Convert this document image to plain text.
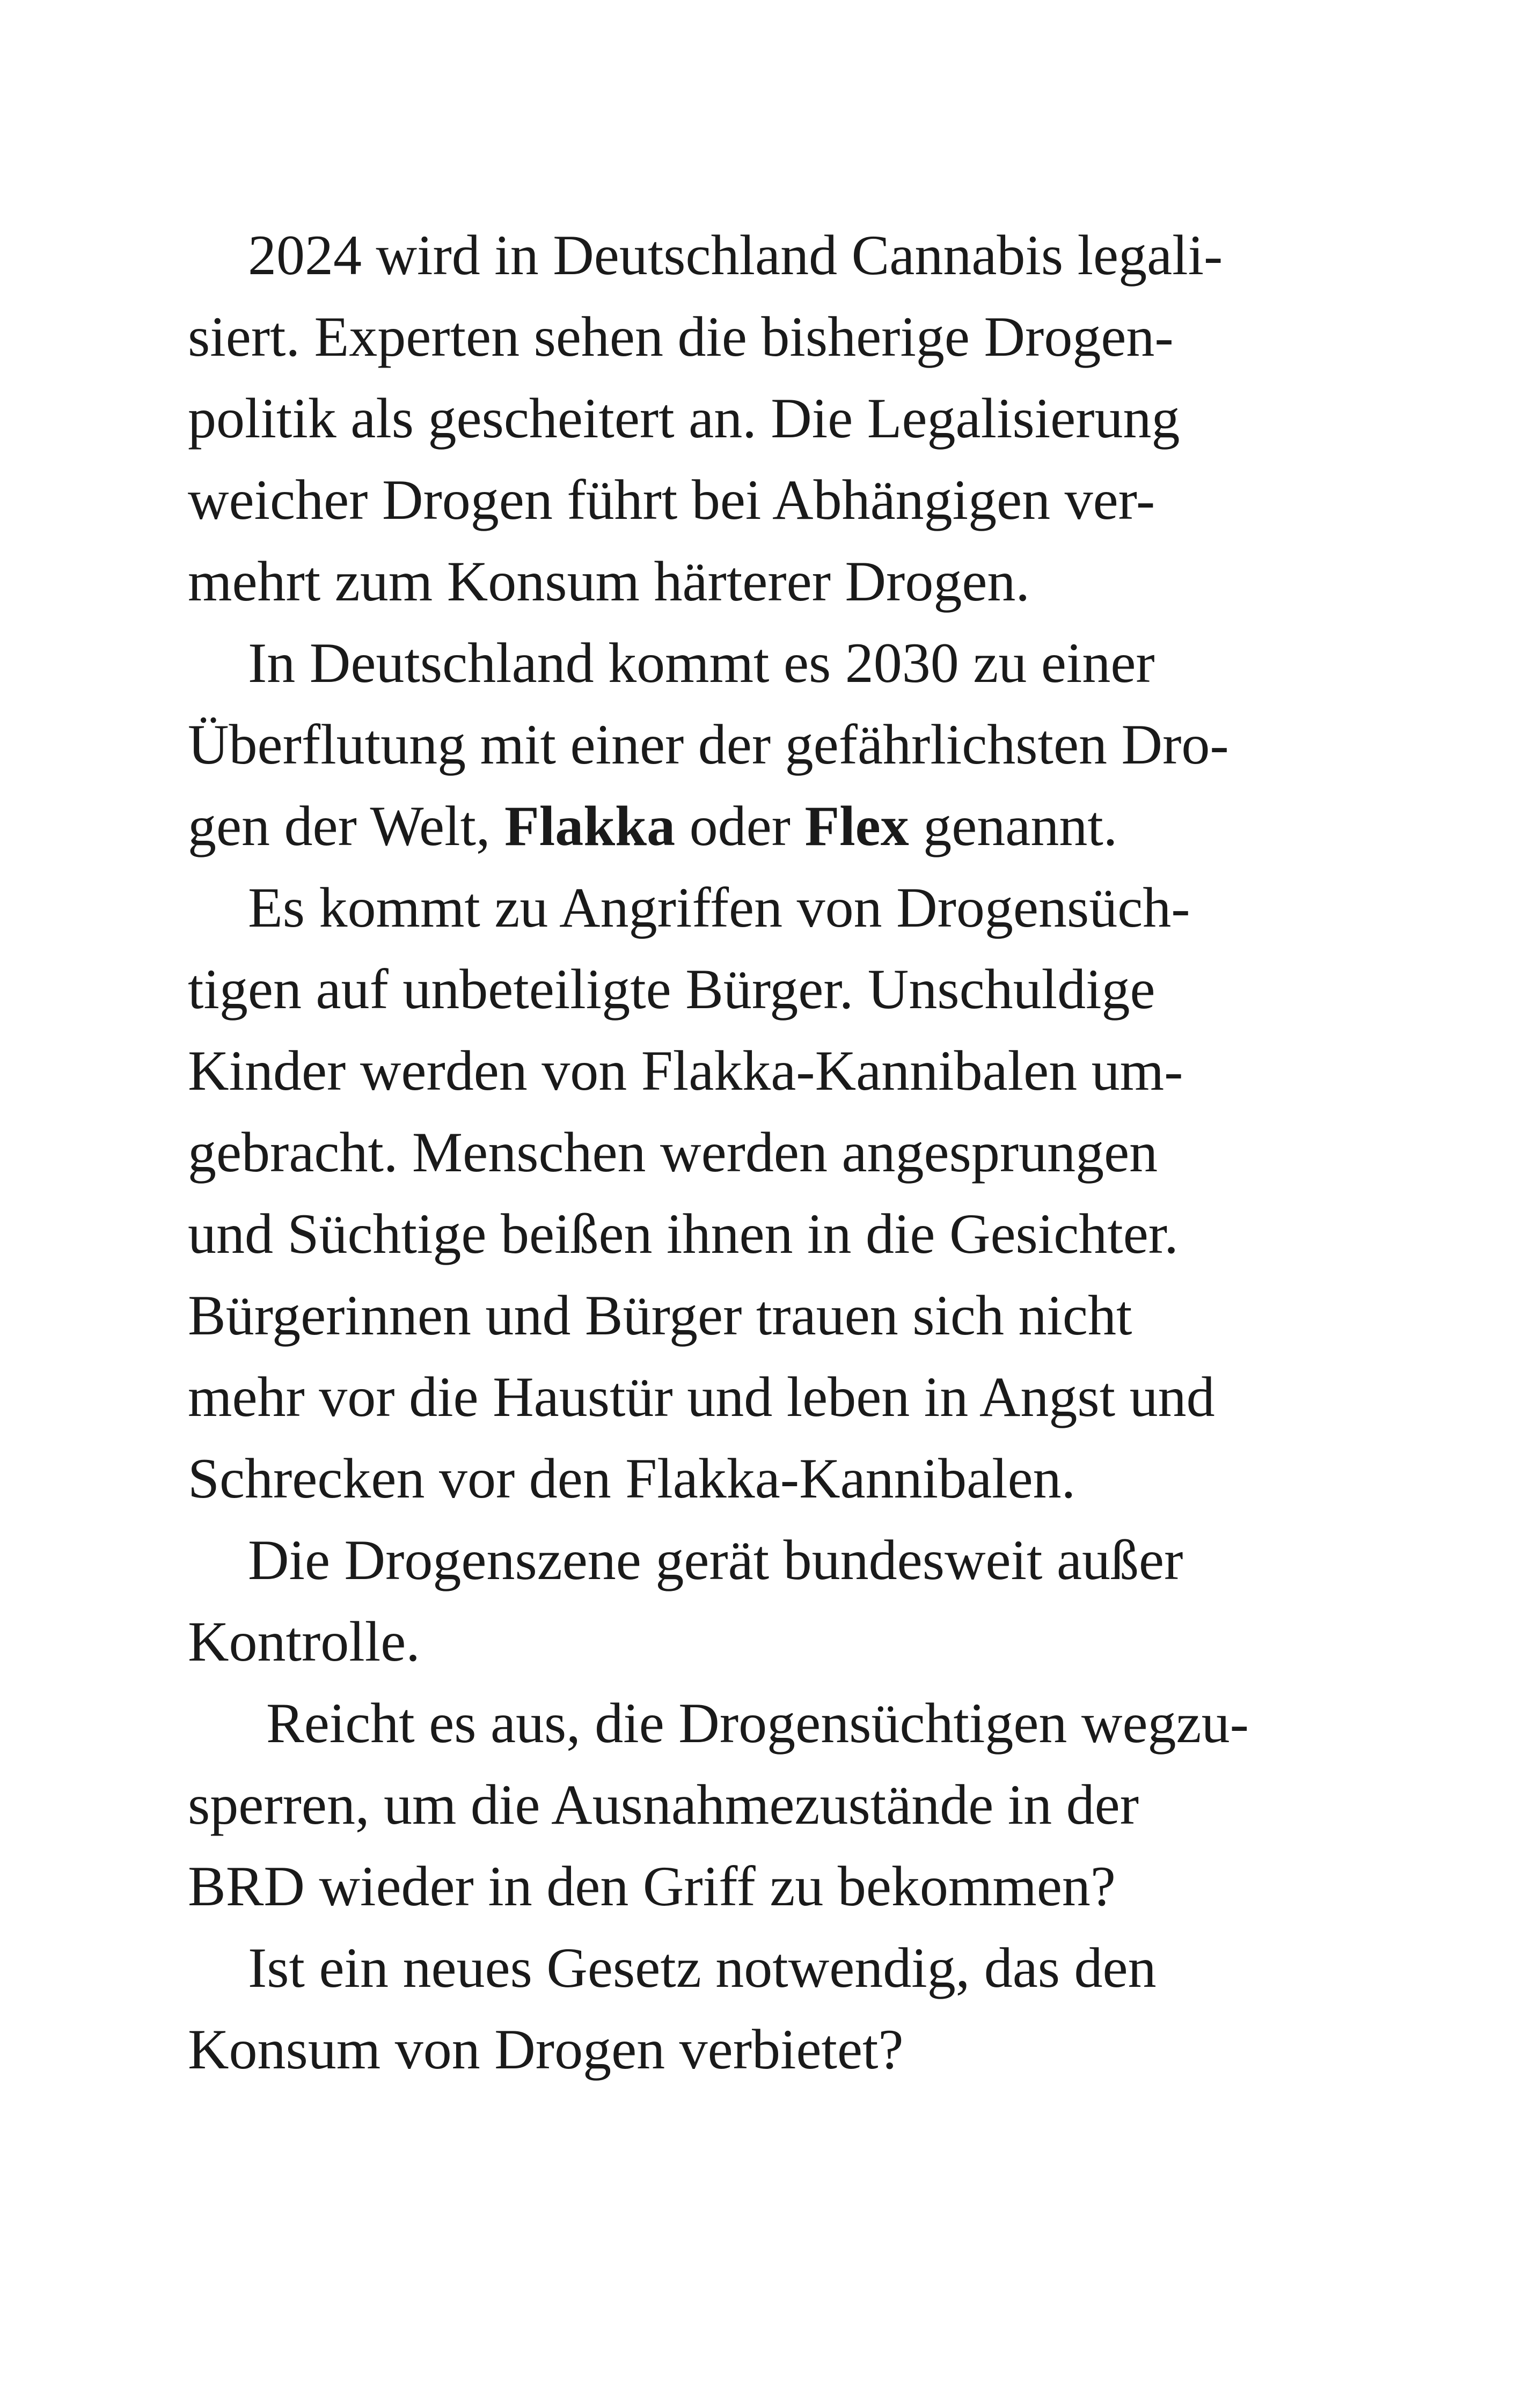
2024 wird in Deutschland Cannabis legali-
siert. Experten sehen die bisherige Drogen-
politik als gescheitert an. Die Legalisierung
weicher Drogen führt bei Abhängigen ver-
mehrt zum Konsum härterer Drogen.
In Deutschland kommt es 2030 zu einer
Überflutung mit einer der gefährlichsten Dro-
gen der Welt, Flakka oder Flex genannt.
Es kommt zu Angriffen von Drogensüch-
tigen auf unbeteiligte Bürger. Unschuldige
Kinder werden von Flakka-Kannibalen um-
gebracht. Menschen werden angesprungen
und Süchtige beißen ihnen in die Gesichter.
Bürgerinnen und Bürger trauen sich nicht
mehr vor die Haustür und leben in Angst und
Schrecken vor den Flakka-Kannibalen.
Die Drogenszene gerät bundesweit außer
Kontrolle.
Reicht es aus, die Drogensüchtigen wegzu-
sperren, um die Ausnahmezustände in der
BRD wieder in den Griff zu bekommen?
Ist ein neues Gesetz notwendig, das den
Konsum von Drogen verbietet?
